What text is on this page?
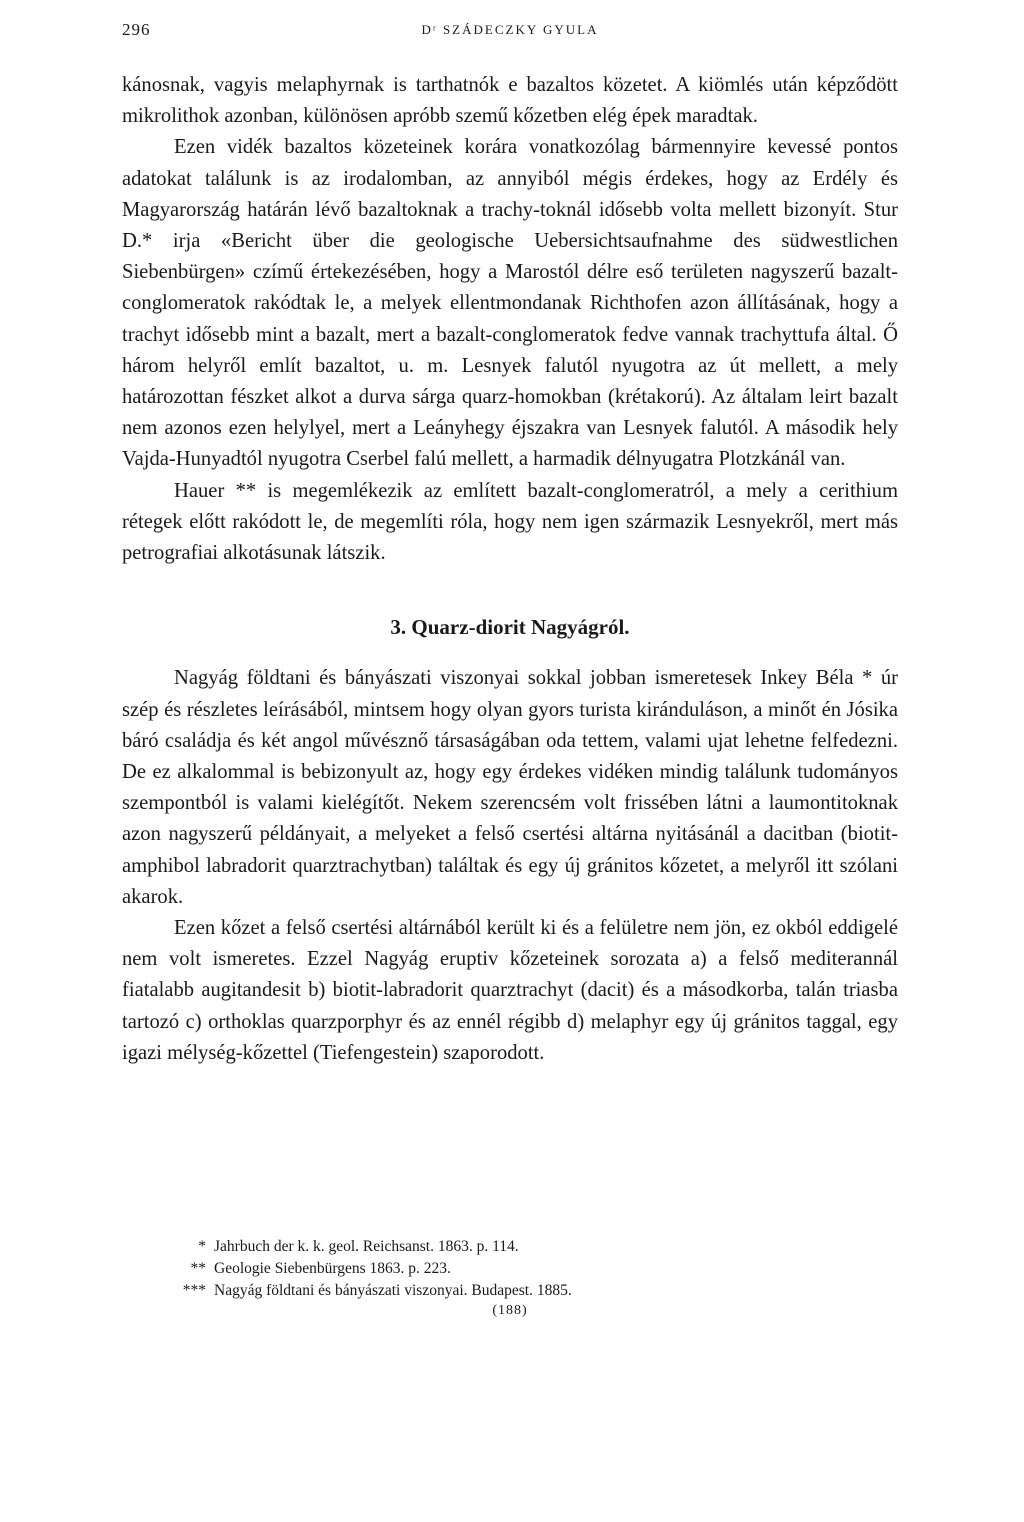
296	Dʳ SZÁDECZKY GYULA

kánosnak, vagyis melaphyrnak is tarthatnók e bazaltos közetet. A kiömlés után képződött mikrolithok azonban, különösen apróbb szemű kőzetben elég épek maradtak.

Ezen vidék bazaltos közeteinek korára vonatkozólag bármennyire kevessé pontos adatokat találunk is az irodalomban, az annyiból mégis érdekes, hogy az Erdély és Magyarország határán lévő bazaltoknak a trachy-toknál idősebb volta mellett bizonyít. Stur D.* irja «Bericht über die geologische Uebersichtsaufnahme des südwestlichen Siebenbürgen» czímű értekezésében, hogy a Marostól délre eső területen nagyszerű bazalt-conglomeratok rakódtak le, a melyek ellentmondanak Richthofen azon állításának, hogy a trachyt idősebb mint a bazalt, mert a bazalt-conglomeratok fedve vannak trachyttufa által. Ő három helyről említ bazaltot, u. m. Lesnyek falutól nyugotra az út mellett, a mely határozottan fészket alkot a durva sárga quarz-homokban (krétakorú). Az általam leirt bazalt nem azonos ezen helylyel, mert a Leányhegy éjszakra van Lesnyek falutól. A második hely Vajda-Hunyadtól nyugotra Cserbel falú mellett, a harmadik délnyugatra Plotzkánál van.

Hauer ** is megemlékezik az említett bazalt-conglomeratról, a mely a cerithium rétegek előtt rakódott le, de megemlíti róla, hogy nem igen származik Lesnyekről, mert más petrografiai alkotásunak látszik.

3. Quarz-diorit Nagyágról.

Nagyág földtani és bányászati viszonyai sokkal jobban ismeretesek Inkey Béla * úr szép és részletes leírásából, mintsem hogy olyan gyors turista kiránduláson, a minőt én Jósika báró családja és két angol művésznő társaságában oda tettem, valami ujat lehetne felfedezni. De ez alkalommal is bebizonyult az, hogy egy érdekes vidéken mindig találunk tudományos szempontból is valami kielégítőt. Nekem szerencsém volt frissében látni a laumontitoknak azon nagyszerű példányait, a melyeket a felső csertési altárna nyitásánál a dacitban (biotit-amphibol labradorit quarztrachytban) találtak és egy új gránitos kőzetet, a melyről itt szólani akarok.

Ezen kőzet a felső csertési altárnából került ki és a felületre nem jön, ez okból eddigelé nem volt ismeretes. Ezzel Nagyág eruptiv kőzeteinek sorozata a) a felső mediterannál fiatalabb augitandesit b) biotit-labradorit quarztrachyt (dacit) és a másodkorba, talán triasba tartozó c) orthoklas quarzporphyr és az ennél régibb d) melaphyr egy új gránitos taggal, egy igazi mélység-kőzettel (Tiefengestein) szaporodott.

* Jahrbuch der k. k. geol. Reichsanst. 1863. p. 114.
** Geologie Siebenbürgens 1863. p. 223.
*** Nagyág földtani és bányászati viszonyai. Budapest. 1885.
(188)
